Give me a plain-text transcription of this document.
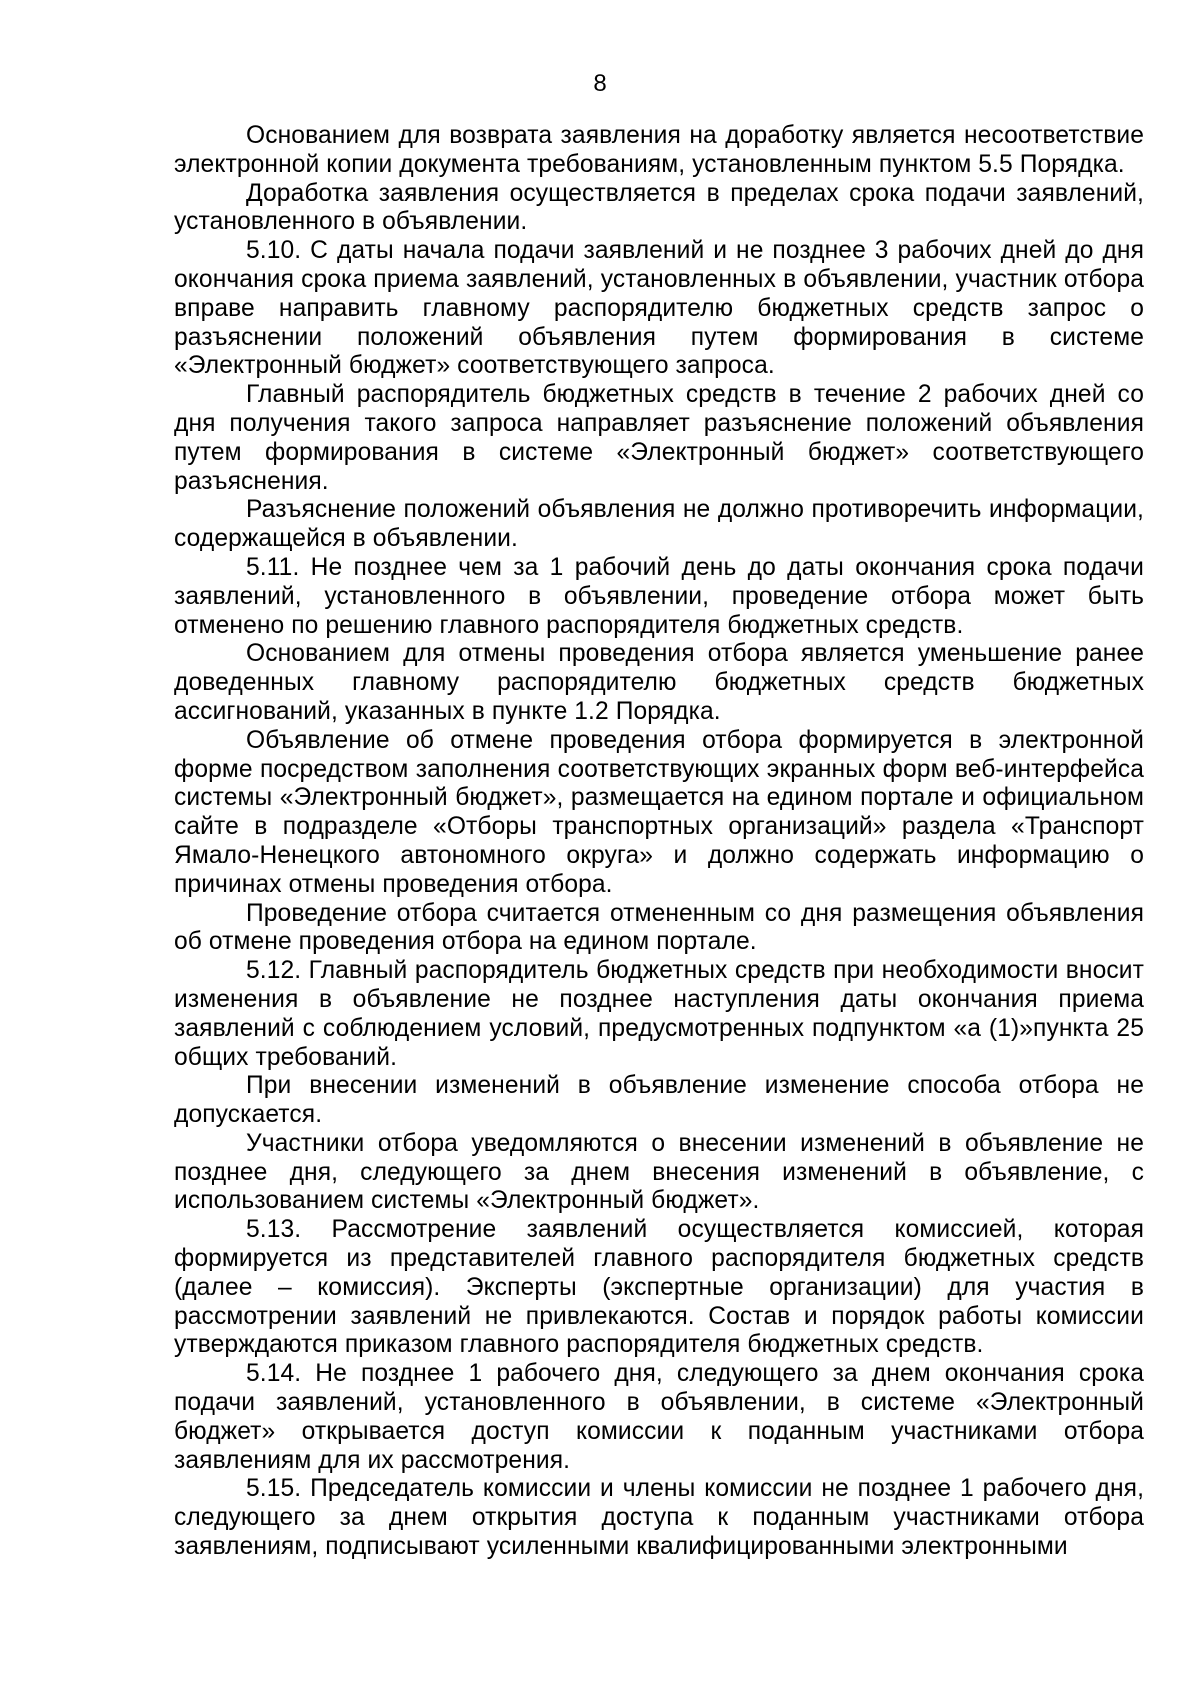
8

Основанием для возврата заявления на доработку является несоответствие электронной копии документа требованиям, установленным пунктом 5.5 Порядка.

Доработка заявления осуществляется в пределах срока подачи заявлений, установленного в объявлении.

5.10. С даты начала подачи заявлений и не позднее 3 рабочих дней до дня окончания срока приема заявлений, установленных в объявлении, участник отбора вправе направить главному распорядителю бюджетных средств запрос о разъяснении положений объявления путем формирования в системе «Электронный бюджет» соответствующего запроса.

Главный распорядитель бюджетных средств в течение 2 рабочих дней со дня получения такого запроса направляет разъяснение положений объявления путем формирования в системе «Электронный бюджет» соответствующего разъяснения.

Разъяснение положений объявления не должно противоречить информации, содержащейся в объявлении.

5.11. Не позднее чем за 1 рабочий день до даты окончания срока подачи заявлений, установленного в объявлении, проведение отбора может быть отменено по решению главного распорядителя бюджетных средств.

Основанием для отмены проведения отбора является уменьшение ранее доведенных главному распорядителю бюджетных средств бюджетных ассигнований, указанных в пункте 1.2 Порядка.

Объявление об отмене проведения отбора формируется в электронной форме посредством заполнения соответствующих экранных форм веб-интерфейса системы «Электронный бюджет», размещается на едином портале и официальном сайте в подразделе «Отборы транспортных организаций» раздела «Транспорт Ямало-Ненецкого автономного округа» и должно содержать информацию о причинах отмены проведения отбора.

Проведение отбора считается отмененным со дня размещения объявления об отмене проведения отбора на едином портале.

5.12. Главный распорядитель бюджетных средств при необходимости вносит изменения в объявление не позднее наступления даты окончания приема заявлений с соблюдением условий, предусмотренных подпунктом «а (1)»пункта 25 общих требований.

При внесении изменений в объявление изменение способа отбора не допускается.

Участники отбора уведомляются о внесении изменений в объявление не позднее дня, следующего за днем внесения изменений в объявление, с использованием системы «Электронный бюджет».

5.13. Рассмотрение заявлений осуществляется комиссией, которая формируется из представителей главного распорядителя бюджетных средств (далее – комиссия). Эксперты (экспертные организации) для участия в рассмотрении заявлений не привлекаются. Состав и порядок работы комиссии утверждаются приказом главного распорядителя бюджетных средств.

5.14. Не позднее 1 рабочего дня, следующего за днем окончания срока подачи заявлений, установленного в объявлении, в системе «Электронный бюджет» открывается доступ комиссии к поданным участниками отбора заявлениям для их рассмотрения.

5.15. Председатель комиссии и члены комиссии не позднее 1 рабочего дня, следующего за днем открытия доступа к поданным участниками отбора заявлениям, подписывают усиленными квалифицированными электронными
